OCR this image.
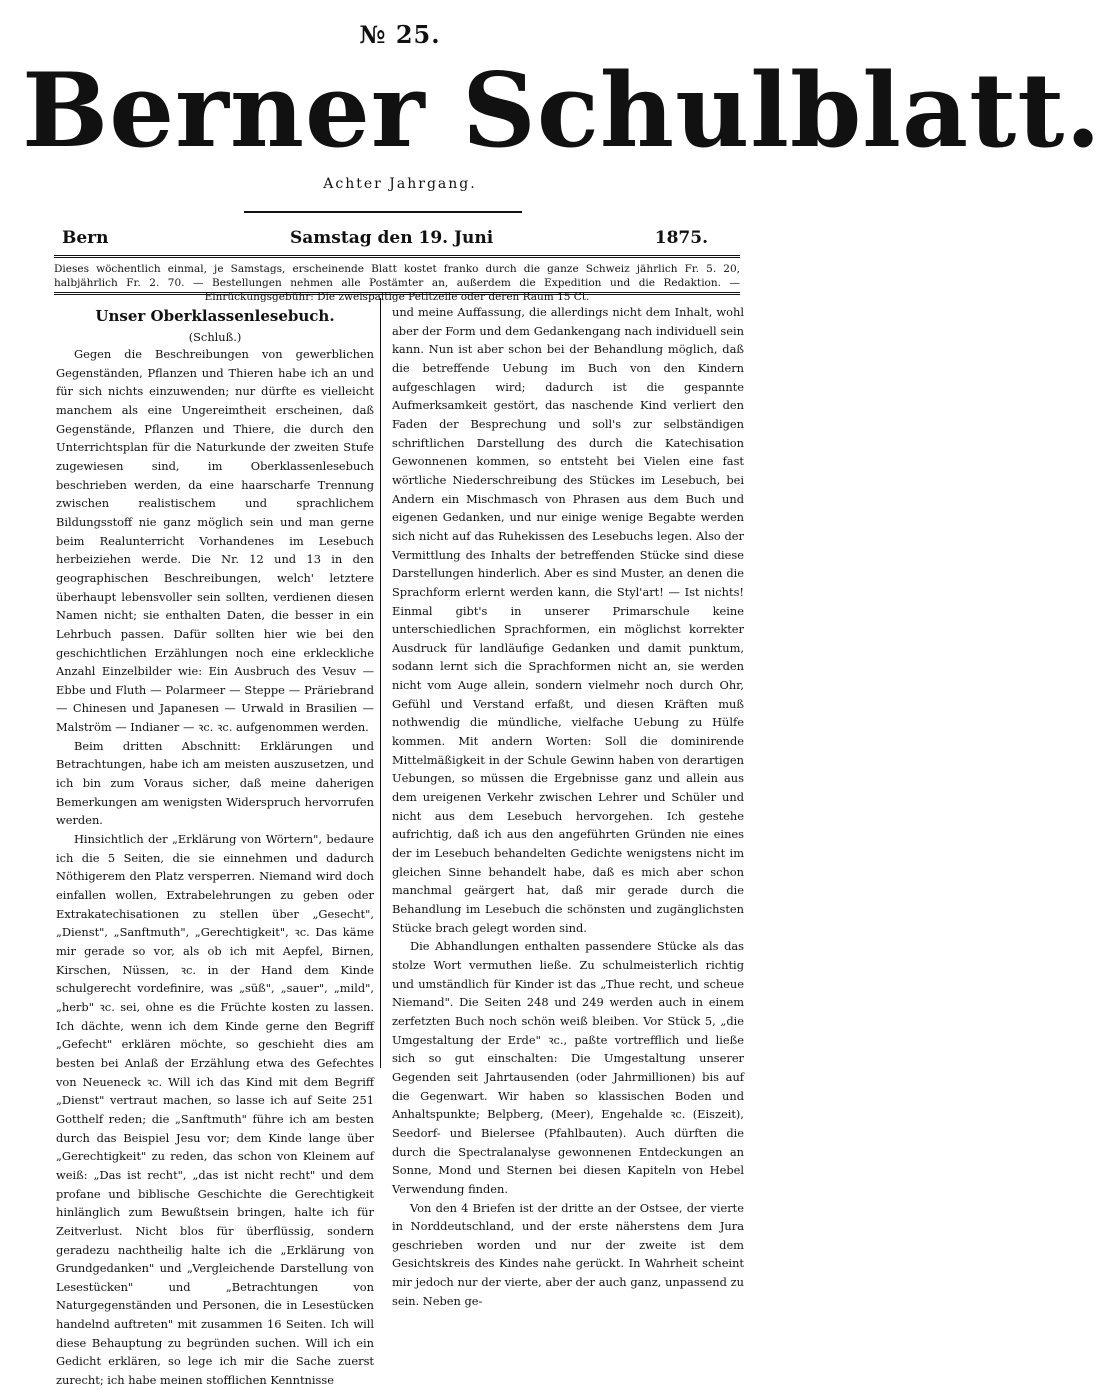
№ 25.
Berner Schulblatt.
Achter Jahrgang.
Bern	Samstag den 19. Juni	1875.
Dieses wöchentlich einmal, je Samstags, erscheinende Blatt kostet franko durch die ganze Schweiz jährlich Fr. 5. 20, halbjährlich Fr. 2. 70. — Bestellungen nehmen alle Postämter an, außerdem die Expedition und die Redaktion. — Einrückungsgebühr: Die zweispaltige Petitzeile oder deren Raum 15 Ct.
Unser Oberklassenlesebuch.
(Schluß.)

Gegen die Beschreibungen von gewerblichen Gegenständen, Pflanzen und Thieren habe ich an und für sich nichts einzuwenden; nur dürfte es vielleicht manchem als eine Ungereimtheit erscheinen, daß Gegenstände, Pflanzen und Thiere, die durch den Unterrichtsplan für die Naturkunde der zweiten Stufe zugewiesen sind, im Oberklassenlesebuch beschrieben werden, da eine haarscharfe Trennung zwischen realistischem und sprachlichem Bildungsstoff nie ganz möglich sein und man gerne beim Realunterricht Vorhandenes im Lesebuch herbeiziehen werde. Die Nr. 12 und 13 in den geographischen Beschreibungen, welch' letztere überhaupt lebensvoller sein sollten, verdienen diesen Namen nicht; sie enthalten Daten, die besser in ein Lehrbuch passen. Dafür sollten hier wie bei den geschichtlichen Erzählungen noch eine erkleckliche Anzahl Einzelbilder wie: Ein Ausbruch des Vesuv — Ebbe und Fluth — Polarmeer — Steppe — Präriebrand — Chinesen und Japanesen — Urwald in Brasilien — Malström — Indianer — ꝛc. ꝛc. aufgenommen werden.

Beim dritten Abschnitt: Erklärungen und Betrachtungen, habe ich am meisten auszusetzen, und ich bin zum Voraus sicher, daß meine daherigen Bemerkungen am wenigsten Widerspruch hervorrufen werden.

Hinsichtlich der „Erklärung von Wörtern", bedaure ich die 5 Seiten, die sie einnehmen und dadurch Nöthigerem den Platz versperren. Niemand wird doch einfallen wollen, Extrabelehrungen zu geben oder Extrakatechisationen zu stellen über „Gesecht", „Dienst", „Sanftmuth", „Gerechtigkeit", ꝛc. Das käme mir gerade so vor, als ob ich mit Aepfel, Birnen, Kirschen, Nüssen, ꝛc. in der Hand dem Kinde schulgerecht vordefinire, was „süß", „sauer", „mild", „herb" ꝛc. sei, ohne es die Früchte kosten zu lassen. Ich dächte, wenn ich dem Kinde gerne den Begriff „Gefecht" erklären möchte, so geschieht dies am besten bei Anlaß der Erzählung etwa des Gefechtes von Neueneck ꝛc. Will ich das Kind mit dem Begriff „Dienst" vertraut machen, so lasse ich auf Seite 251 Gotthelf reden; die „Sanftmuth" führe ich am besten durch das Beispiel Jesu vor; dem Kinde lange über „Gerechtigkeit" zu reden, das schon von Kleinem auf weiß: „Das ist recht", „das ist nicht recht" und dem profane und biblische Geschichte die Gerechtigkeit hinlänglich zum Bewußtsein bringen, halte ich für Zeitverlust. Nicht blos für überflüssig, sondern geradezu nachtheilig halte ich die „Erklärung von Grundgedanken" und „Vergleichende Darstellung von Lesestücken" und „Betrachtungen von Naturgegenständen und Personen, die in Lesestücken handelnd auftreten" mit zusammen 16 Seiten. Ich will diese Behauptung zu begründen suchen. Will ich ein Gedicht erklären, so lege ich mir die Sache zuerst zurecht; ich habe meinen stofflichen Kenntnisse

und meine Auffassung, die allerdings nicht dem Inhalt, wohl aber der Form und dem Gedankengang nach individuell sein kann. Nun ist aber schon bei der Behandlung möglich, daß die betreffende Uebung im Buch von den Kindern aufgeschlagen wird; dadurch ist die gespannte Aufmerksamkeit gestört, das naschende Kind verliert den Faden der Besprechung und soll's zur selbständigen schriftlichen Darstellung des durch die Katechisation Gewonnenen kommen, so entsteht bei Vielen eine fast wörtliche Niederschreibung des Stückes im Lesebuch, bei Andern ein Mischmasch von Phrasen aus dem Buch und eigenen Gedanken, und nur einige wenige Begabte werden sich nicht auf das Ruhekissen des Lesebuchs legen. Also der Vermittlung des Inhalts der betreffenden Stücke sind diese Darstellungen hinderlich. Aber es sind Muster, an denen die Sprachform erlernt werden kann, die Styl'art! — Ist nichts! Einmal gibt's in unserer Primarschule keine unterschiedlichen Sprachformen, ein möglichst korrekter Ausdruck für landläufige Gedanken und damit punktum, sodann lernt sich die Sprachformen nicht an, sie werden nicht vom Auge allein, sondern vielmehr noch durch Ohr, Gefühl und Verstand erfaßt, und diesen Kräften muß nothwendig die mündliche, vielfache Uebung zu Hülfe kommen. Mit andern Worten: Soll die dominirende Mittelmäßigkeit in der Schule Gewinn haben von derartigen Uebungen, so müssen die Ergebnisse ganz und allein aus dem ureigenen Verkehr zwischen Lehrer und Schüler und nicht aus dem Lesebuch hervorgehen. Ich gestehe aufrichtig, daß ich aus den angeführten Gründen nie eines der im Lesebuch behandelten Gedichte wenigstens nicht im gleichen Sinne behandelt habe, daß es mich aber schon manchmal geärgert hat, daß mir gerade durch die Behandlung im Lesebuch die schönsten und zugänglichsten Stücke brach gelegt worden sind.

Die Abhandlungen enthalten passendere Stücke als das stolze Wort vermuthen ließe. Zu schulmeisterlich richtig und umständlich für Kinder ist das „Thue recht, und scheue Niemand". Die Seiten 248 und 249 werden auch in einem zerfetzten Buch noch schön weiß bleiben. Vor Stück 5, „die Umgestaltung der Erde" ꝛc., paßte vortrefflich und ließe sich so gut einschalten: Die Umgestaltung unserer Gegenden seit Jahrtausenden (oder Jahrmillionen) bis auf die Gegenwart. Wir haben so klassischen Boden und Anhaltspunkte; Belpberg, (Meer), Engehalde ꝛc. (Eiszeit), Seedorf- und Bielersee (Pfahlbauten). Auch dürften die durch die Spectralanalyse gewonnenen Entdeckungen an Sonne, Mond und Sternen bei diesen Kapiteln von Hebel Verwendung finden.

Von den 4 Briefen ist der dritte an der Ostsee, der vierte in Norddeutschland, und der erste näherstens dem Jura geschrieben worden und nur der zweite ist dem Gesichtskreis des Kindes nahe gerückt. In Wahrheit scheint mir jedoch nur der vierte, aber der auch ganz, unpassend zu sein. Neben ge-
